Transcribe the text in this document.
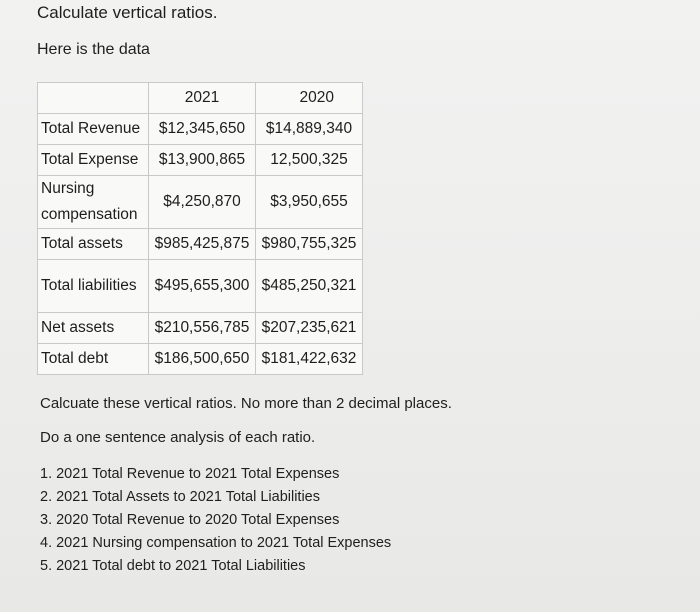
Calculate vertical ratios.
Here is the data
	2021	2020
Total Revenue	$12,345,650	$14,889,340
Total Expense	$13,900,865	12,500,325
Nursing compensation	$4,250,870	$3,950,655
Total assets	$985,425,875	$980,755,325
Total liabilities	$495,655,300	$485,250,321
Net assets	$210,556,785	$207,235,621
Total debt	$186,500,650	$181,422,632
Calcuate these vertical ratios. No more than 2 decimal places.
Do a one sentence analysis of each ratio.
1. 2021 Total Revenue to 2021 Total Expenses
2. 2021 Total Assets to 2021 Total Liabilities
3. 2020 Total Revenue to 2020 Total Expenses
4. 2021 Nursing compensation to 2021 Total Expenses
5. 2021 Total debt to 2021 Total Liabilities
